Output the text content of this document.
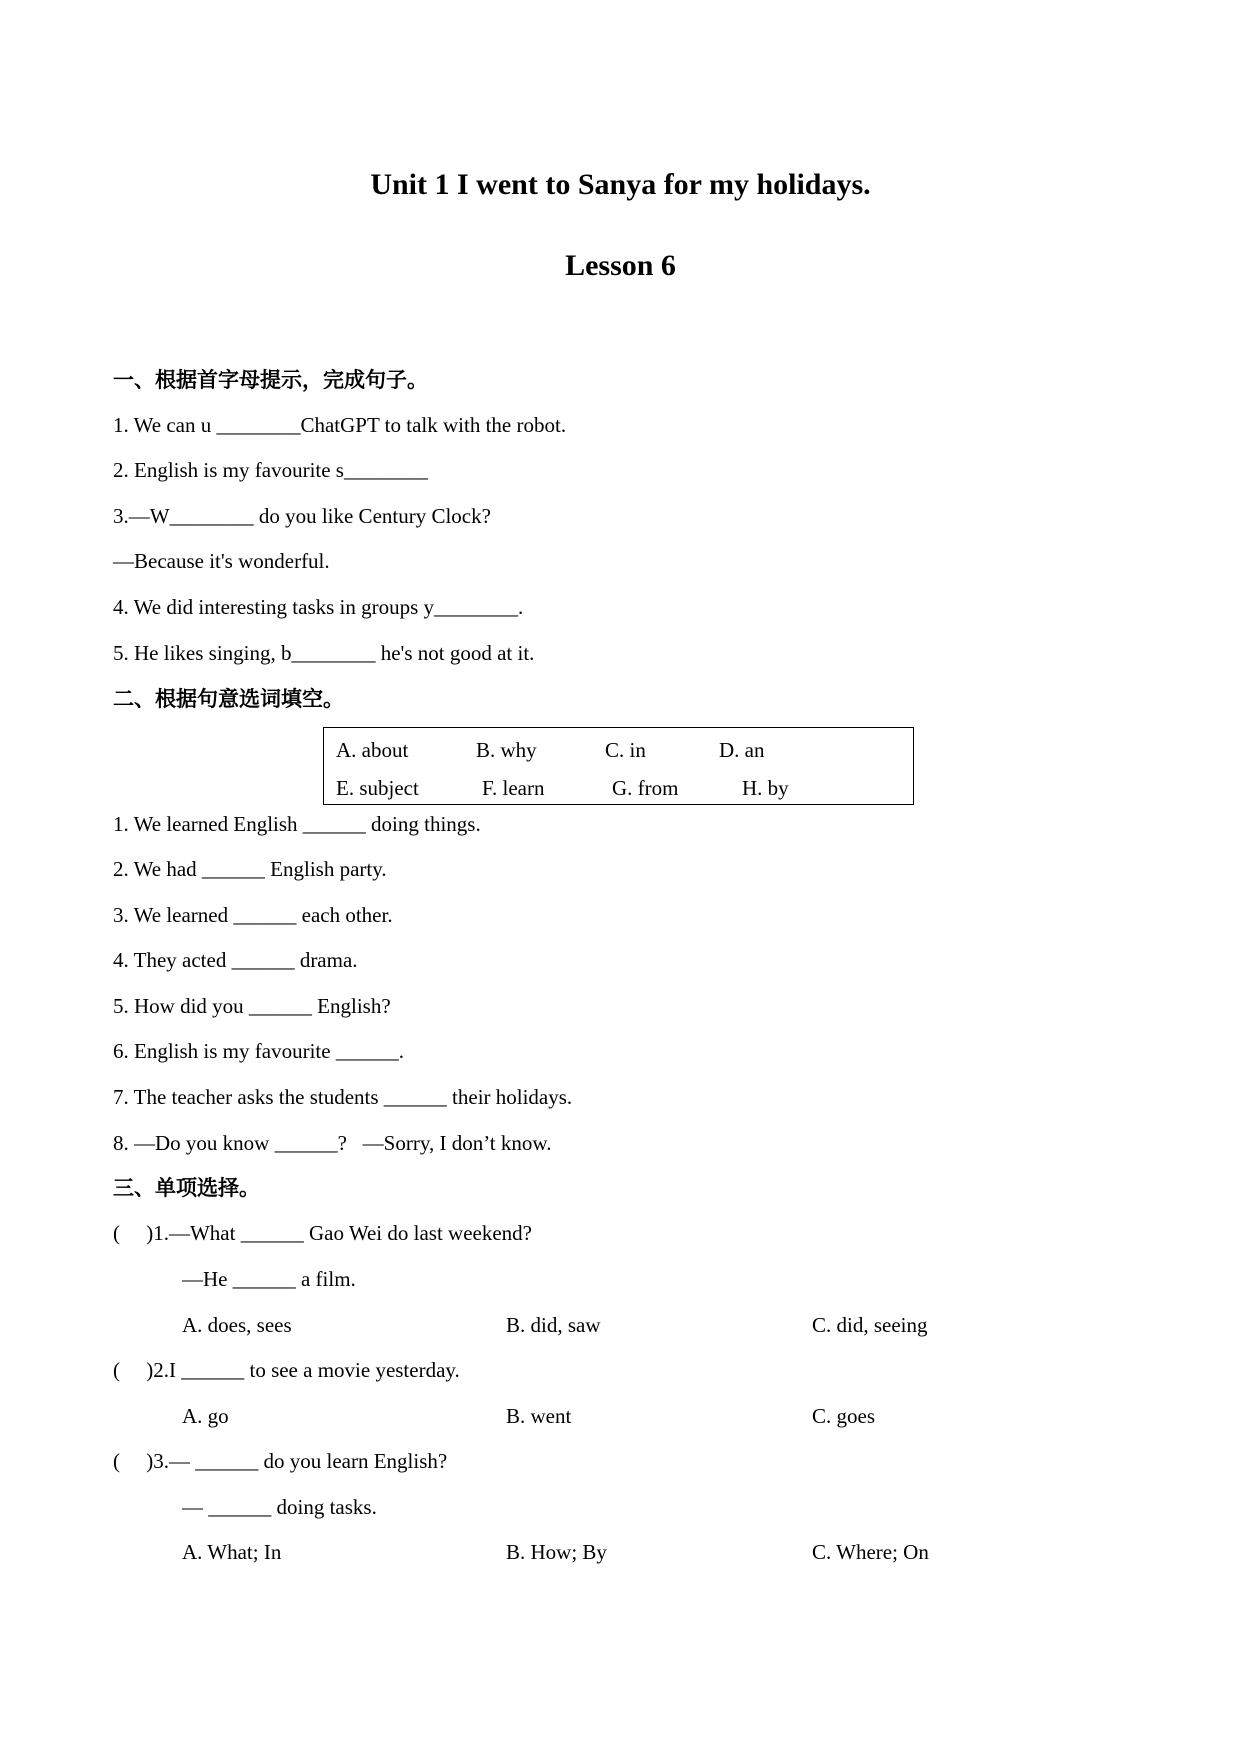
Unit 1 I went to Sanya for my holidays.
Lesson 6
一、根据首字母提示，完成句子。
1. We can u ________ChatGPT to talk with the robot.
2. English is my favourite s________
3.—W________ do you like Century Clock?
—Because it's wonderful.
4. We did interesting tasks in groups y________.
5. He likes singing, b________ he's not good at it.
二、根据句意选词填空。
A. about	B. why	C. in	D. an
E. subject	F. learn	G. from	H. by
1. We learned English ______ doing things.
2. We had ______ English party.
3. We learned ______ each other.
4. They acted ______ drama.
5. How did you ______ English?
6. English is my favourite ______.
7. The teacher asks the students ______ their holidays.
8. —Do you know ______?   —Sorry, I don’t know.
三、单项选择。
(     )1.—What ______ Gao Wei do last weekend?
—He ______ a film.
A. does, sees	B. did, saw	C. did, seeing
(     )2.I ______ to see a movie yesterday.
A. go	B. went	C. goes
(     )3.— ______ do you learn English?
— ______ doing tasks.
A. What; In	B. How; By	C. Where; On
